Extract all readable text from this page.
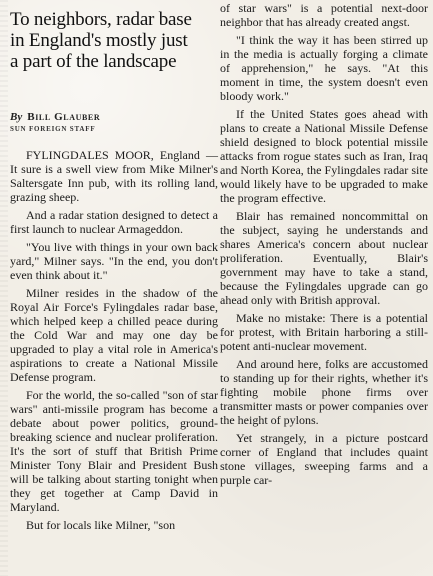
To neighbors, radar base
in England's mostly just
a part of the landscape
By Bill Glauber
SUN FOREIGN STAFF

FYLINGDALES MOOR, England — It sure is a swell view from Mike Milner's Saltersgate Inn pub, with its rolling land, grazing sheep.

And a radar station designed to detect a first launch to nuclear Armageddon.

"You live with things in your own back yard," Milner says. "In the end, you don't even think about it."

Milner resides in the shadow of the Royal Air Force's Fylingdales radar base, which helped keep a chilled peace during the Cold War and may one day be upgraded to play a vital role in America's aspirations to create a National Missile Defense program.

For the world, the so-called "son of star wars" anti-missile program has become a debate about power politics, ground-breaking science and nuclear proliferation. It's the sort of stuff that British Prime Minister Tony Blair and President Bush will be talking about starting tonight when they get together at Camp David in Maryland.

But for locals like Milner, "son

of star wars" is a potential next-door neighbor that has already created angst.

"I think the way it has been stirred up in the media is actually forging a climate of apprehension," he says. "At this moment in time, the system doesn't even bloody work."

If the United States goes ahead with plans to create a National Missile Defense shield designed to block potential missile attacks from rogue states such as Iran, Iraq and North Korea, the Fylingdales radar site would likely have to be upgraded to make the program effective.

Blair has remained noncommittal on the subject, saying he understands and shares America's concern about nuclear proliferation. Eventually, Blair's government may have to take a stand, because the Fylingdales upgrade can go ahead only with British approval.

Make no mistake: There is a potential for protest, with Britain harboring a still-potent anti-nuclear movement.

And around here, folks are accustomed to standing up for their rights, whether it's fighting mobile phone firms over transmitter masts or power companies over the height of pylons.

Yet strangely, in a picture postcard corner of England that includes quaint stone villages, sweeping farms and a purple car-
